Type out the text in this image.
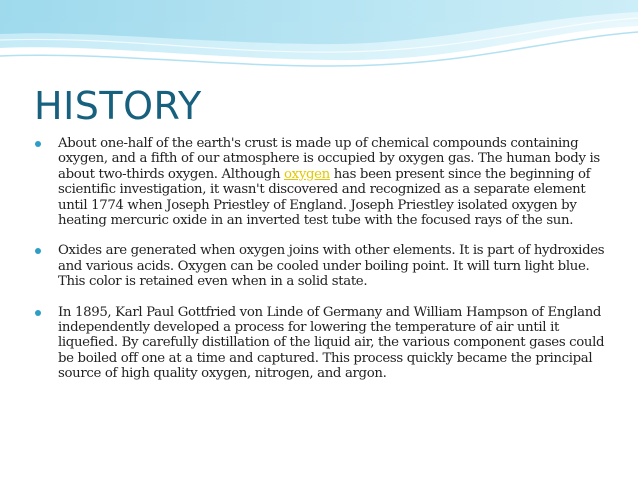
HISTORY

About one-half of the earth's crust is made up of chemical compounds containing oxygen, and a fifth of our atmosphere is occupied by oxygen gas. The human body is about two-thirds oxygen. Although oxygen has been present since the beginning of scientific investigation, it wasn't discovered and recognized as a separate element until 1774 when Joseph Priestley of England. Joseph Priestley isolated oxygen by heating mercuric oxide in an inverted test tube with the focused rays of the sun.

Oxides are generated when oxygen joins with other elements. It is part of hydroxides and various acids. Oxygen can be cooled under boiling point. It will turn light blue. This color is retained even when in a solid state.

In 1895, Karl Paul Gottfried von Linde of Germany and William Hampson of England independently developed a process for lowering the temperature of air until it liquefied. By carefully distillation of the liquid air, the various component gases could be boiled off one at a time and captured. This process quickly became the principal source of high quality oxygen, nitrogen, and argon.
